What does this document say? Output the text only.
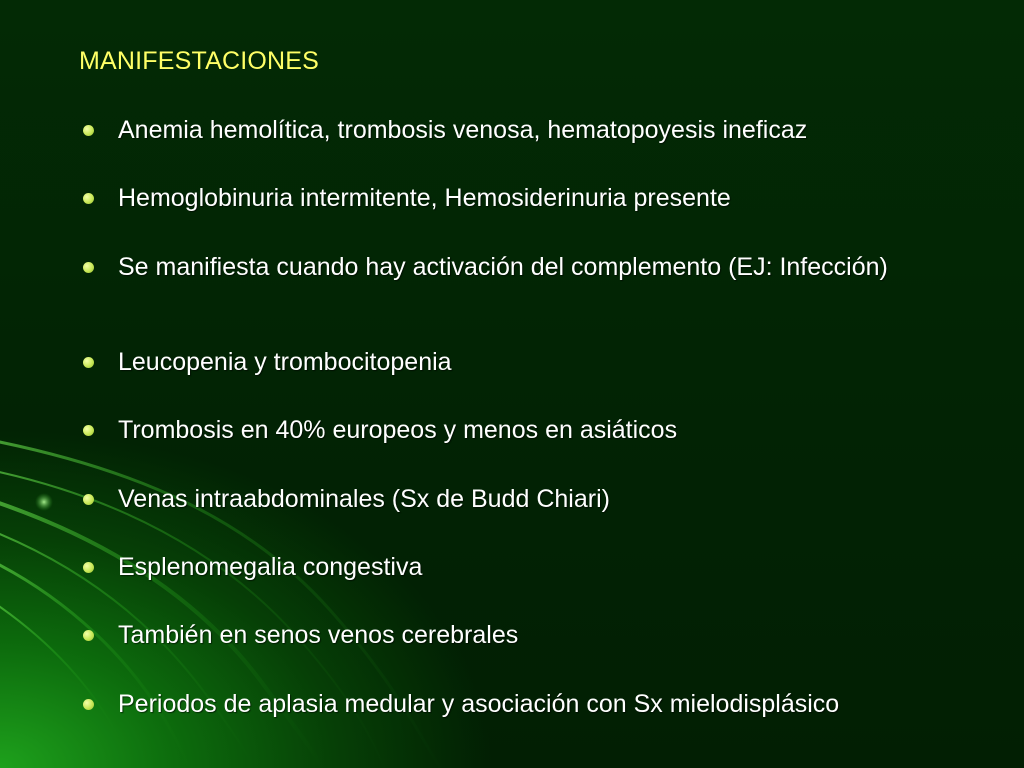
MANIFESTACIONES
Anemia hemolítica, trombosis venosa, hematopoyesis ineficaz
Hemoglobinuria intermitente, Hemosiderinuria presente
Se manifiesta cuando hay activación del complemento (EJ: Infección)
Leucopenia y trombocitopenia
Trombosis en 40% europeos y menos en asiáticos
Venas intraabdominales (Sx de Budd Chiari)
Esplenomegalia congestiva
También en senos venos cerebrales
Periodos de aplasia medular y asociación con Sx mielodisplásico
